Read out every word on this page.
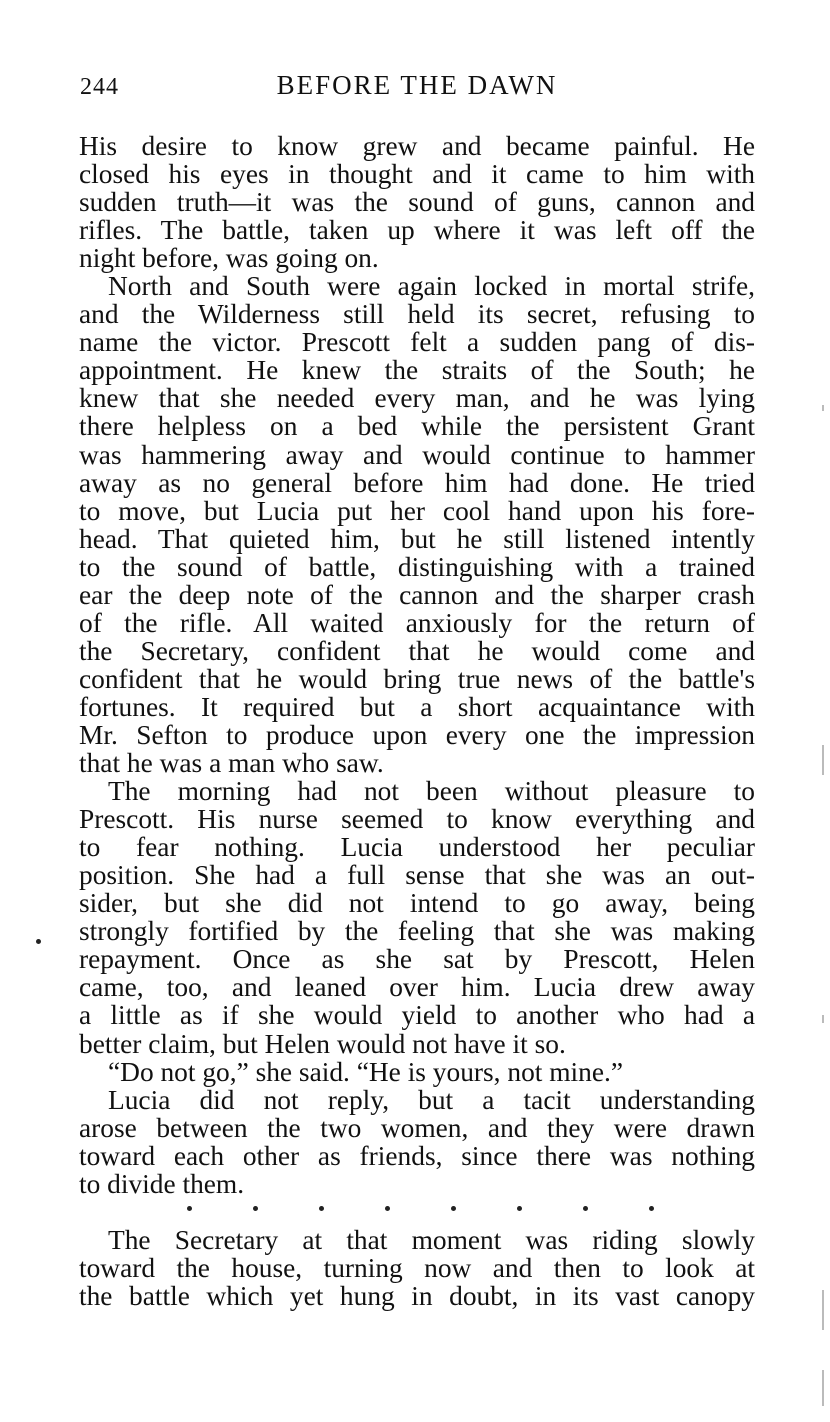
244	BEFORE THE DAWN
His desire to know grew and became painful. He
closed his eyes in thought and it came to him with
sudden truth—it was the sound of guns, cannon and
rifles. The battle, taken up where it was left off the
night before, was going on.
North and South were again locked in mortal strife,
and the Wilderness still held its secret, refusing to
name the victor. Prescott felt a sudden pang of dis-
appointment. He knew the straits of the South; he
knew that she needed every man, and he was lying
there helpless on a bed while the persistent Grant
was hammering away and would continue to hammer
away as no general before him had done. He tried
to move, but Lucia put her cool hand upon his fore-
head. That quieted him, but he still listened intently
to the sound of battle, distinguishing with a trained
ear the deep note of the cannon and the sharper crash
of the rifle. All waited anxiously for the return of
the Secretary, confident that he would come and
confident that he would bring true news of the battle's
fortunes. It required but a short acquaintance with
Mr. Sefton to produce upon every one the impression
that he was a man who saw.
The morning had not been without pleasure to
Prescott. His nurse seemed to know everything and
to fear nothing. Lucia understood her peculiar
position. She had a full sense that she was an out-
sider, but she did not intend to go away, being
strongly fortified by the feeling that she was making
repayment. Once as she sat by Prescott, Helen
came, too, and leaned over him. Lucia drew away
a little as if she would yield to another who had a
better claim, but Helen would not have it so.
“Do not go,” she said. “He is yours, not mine.”
Lucia did not reply, but a tacit understanding
arose between the two women, and they were drawn
toward each other as friends, since there was nothing
to divide them.
The Secretary at that moment was riding slowly
toward the house, turning now and then to look at
the battle which yet hung in doubt, in its vast canopy
